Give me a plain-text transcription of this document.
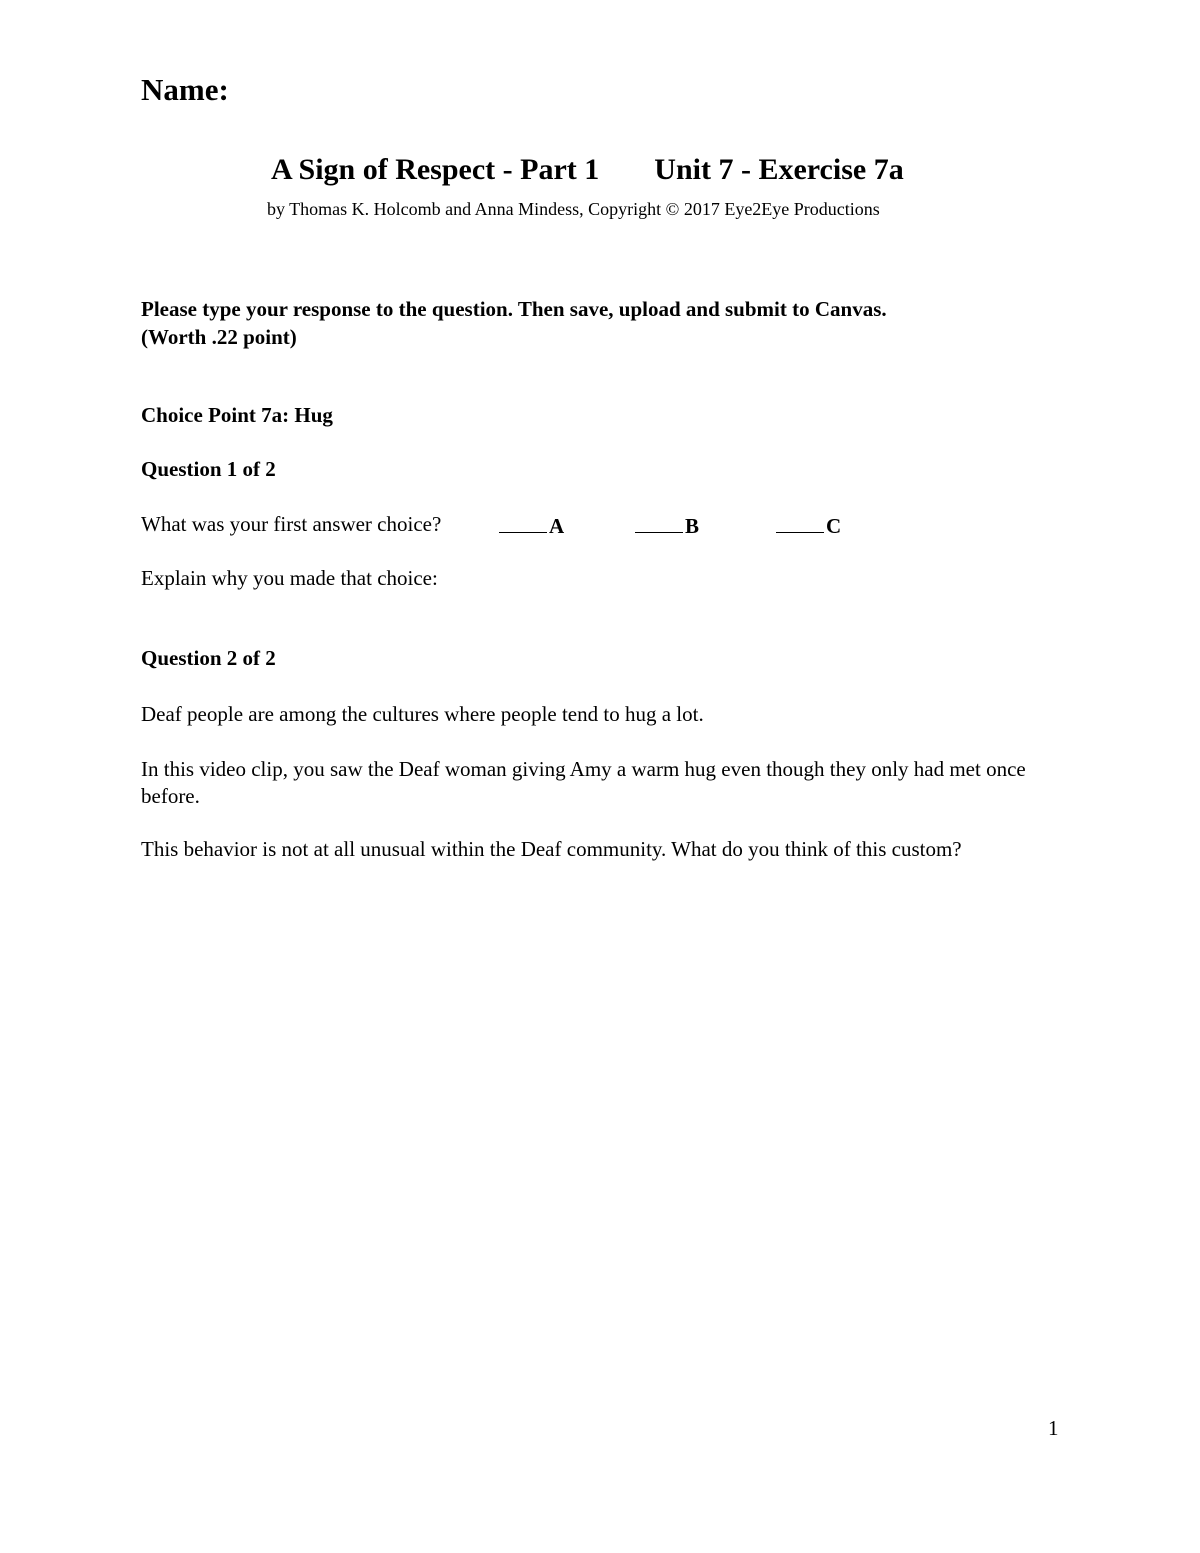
Name:

A Sign of Respect - Part 1 Unit 7 - Exercise 7a

by Thomas K. Holcomb and Anna Mindess, Copyright © 2017 Eye2Eye Productions

Please type your response to the question. Then save, upload and submit to Canvas.
(Worth .22 point)

Choice Point 7a: Hug

Question 1 of 2

What was your first answer choice?	A	B	C

Explain why you made that choice:

Question 2 of 2

Deaf people are among the cultures where people tend to hug a lot.

In this video clip, you saw the Deaf woman giving Amy a warm hug even though they only had met once before.

This behavior is not at all unusual within the Deaf community. What do you think of this custom?

1
